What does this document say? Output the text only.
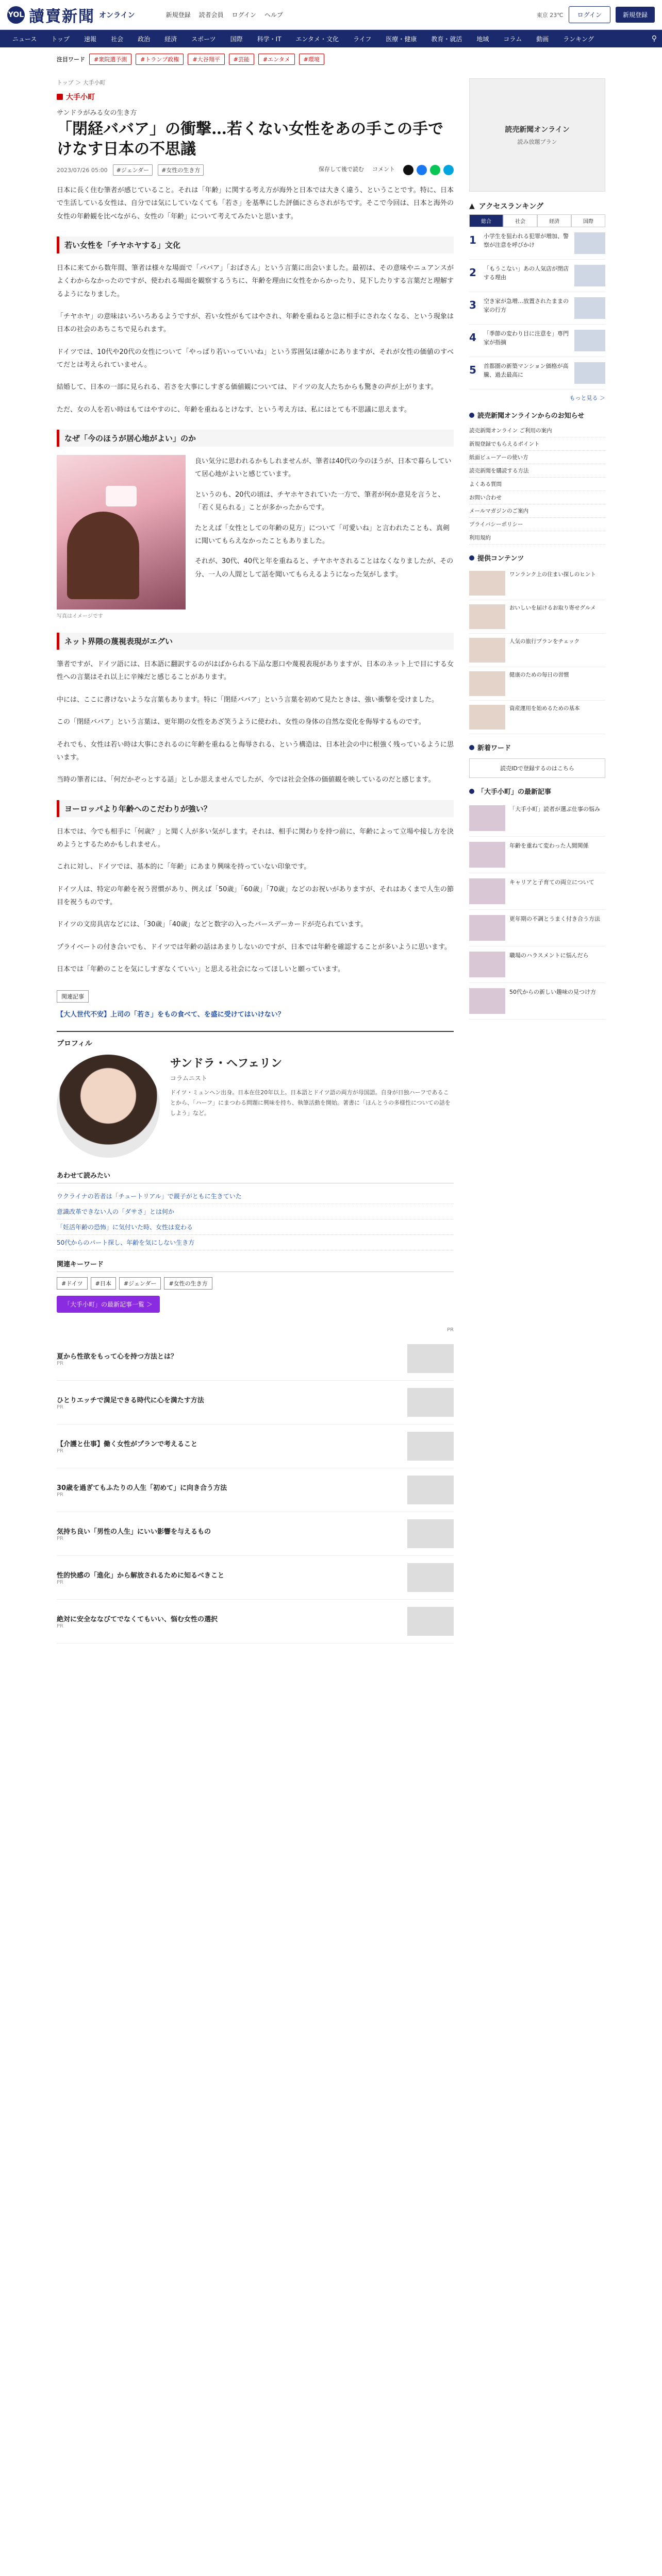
YOL 讀賣新聞 オンライン	新規登録 読者会員 ログイン ヘルプ	東京 23℃	ログイン	新規登録
ニュース	トップ	速報	社会	政治	経済	スポーツ	国際	科学・IT	エンタメ・文化	ライフ	医療・健康	教育・就活	地域	コラム	動画	ランキング	⚲
注目ワード	#衆院選予測	#トランプ政権	#大谷翔平	#芸能	#エンタメ	#環境
トップ ＞ 大手小町
大手小町
サンドラがみる女の生き方
「閉経ババア」の衝撃…若くない女性をあの手この手でけなす日本の不思議
2023/07/26 05:00	#ジェンダー	#女性の生き方	保存して後で読む コメント

日本に長く住む筆者が感じていること。それは「年齢」に関する考え方が海外と日本では大きく違う、ということです。特に、日本で生活している女性は、自分では気にしていなくても「若さ」を基準にした評価にさらされがちです。そこで今回は、日本と海外の女性の年齢観を比べながら、女性の「年齢」について考えてみたいと思います。

若い女性を「チヤホヤする」文化

日本に来てから数年間、筆者は様々な場面で「ババア」「おばさん」という言葉に出会いました。最初は、その意味やニュアンスがよくわからなかったのですが、使われる場面を観察するうちに、年齢を理由に女性をからかったり、見下したりする言葉だと理解するようになりました。

「チヤホヤ」の意味はいろいろあるようですが、若い女性がもてはやされ、年齢を重ねると急に相手にされなくなる、という現象は日本の社会のあちこちで見られます。

ドイツでは、10代や20代の女性について「やっぱり若いっていいね」という雰囲気は確かにありますが、それが女性の価値のすべてだとは考えられていません。

結婚して、日本の一部に見られる、若さを大事にしすぎる価値観については、ドイツの友人たちからも驚きの声が上がります。

ただ、女の人を若い時はもてはやすのに、年齢を重ねるとけなす、という考え方は、私にはとても不思議に思えます。

なぜ「今のほうが居心地がよい」のか
写真はイメージです

良い気分に思われるかもしれませんが、筆者は40代の今のほうが、日本で暮らしていて居心地がよいと感じています。

というのも、20代の頃は、チヤホヤされていた一方で、筆者が何か意見を言うと、「若く見られる」ことが多かったからです。

たとえば「女性としての年齢の見方」について「可愛いね」と言われたことも、真剣に聞いてもらえなかったこともありました。

それが、30代、40代と年を重ねると、チヤホヤされることはなくなりましたが、その分、一人の人間として話を聞いてもらえるようになった気がします。

ネット界隈の蔑視表現がエグい

筆者ですが、ドイツ語には、日本語に翻訳するのがはばかられる下品な悪口や蔑視表現がありますが、日本のネット上で目にする女性への言葉はそれ以上に辛辣だと感じることがあります。

中には、ここに書けないような言葉もあります。特に「閉経ババア」という言葉を初めて見たときは、強い衝撃を受けました。

この「閉経ババア」という言葉は、更年期の女性をあざ笑うように使われ、女性の身体の自然な変化を侮辱するものです。

それでも、女性は若い時は大事にされるのに年齢を重ねると侮辱される、という構造は、日本社会の中に根強く残っているように思います。

当時の筆者には、「何だかぞっとする話」としか思えませんでしたが、今では社会全体の価値観を映しているのだと感じます。

ヨーロッパより年齢へのこだわりが強い？

日本では、今でも相手に「何歳？」と聞く人が多い気がします。それは、相手に関わりを持つ前に、年齢によって立場や接し方を決めようとするためかもしれません。

これに対し、ドイツでは、基本的に「年齢」にあまり興味を持っていない印象です。

ドイツ人は、特定の年齢を祝う習慣があり、例えば「50歳」「60歳」「70歳」などのお祝いがありますが、それはあくまで人生の節目を祝うものです。

ドイツの文房具店などには、「30歳」「40歳」などと数字の入ったバースデーカードが売られています。

プライベートの付き合いでも、ドイツでは年齢の話はあまりしないのですが、日本では年齢を確認することが多いように思います。

日本では「年齢のことを気にしすぎなくていい」と思える社会になってほしいと願っています。

関連記事
【大人世代不安】上司の「若さ」をもの食べて、を盛に受けてはいけない？
プロフィル
サンドラ・ヘフェリン
コラムニスト
ドイツ・ミュンヘン出身。日本在住20年以上。日本語とドイツ語の両方が母国語。自身が日独ハーフであることから、「ハーフ」にまつわる問題に興味を持ち、執筆活動を開始。著書に「ほんとうの多様性についての話をしよう」など。
あわせて読みたい
ウクライナの若者は「チュートリアル」で親子がともに生きていた
意識改革できない人の「ダサさ」とは何か
「妊活年齢の恐怖」に気付いた時、女性は変わる
50代からのパート探し、年齢を気にしない生き方
関連キーワード
#ドイツ	#日本	#ジェンダー	#女性の生き方
「大手小町」の最新記事一覧 ＞
PR
夏から性欲をもって心を持つ方法とは？
PR
ひとりエッチで満足できる時代に心を満たす方法
PR
【介護と仕事】働く女性がプランで考えること
PR
30歳を過ぎてもふたりの人生「初めて」に向き合う方法
PR
気持ち良い「男性の人生」にいい影響を与えるもの
PR
性的快感の「進化」から解放されるために知るべきこと
PR
絶対に安全ななびてでなくてもいい、悩む女性の選択
PR
読売新聞オンライン
読み放題プラン
▲ アクセスランキング
総合	社会	経済	国際
1	小学生を狙われる犯罪が増加、警察が注意を呼びかけ
2	「もうこない」あの人気店が閉店する理由
3	空き家が急増…放置されたままの家の行方
4	「季節の変わり目に注意を」専門家が指摘
5	首都圏の新築マンション価格が高騰、過去最高に
もっと見る ＞
読売新聞オンラインからのお知らせ
読売新聞オンライン ご利用の案内
新規登録でもらえるポイント
紙面ビューアーの使い方
読売新聞を購読する方法
よくある質問
お問い合わせ
メールマガジンのご案内
プライバシーポリシー
利用規約
提供コンテンツ
ワンランク上の住まい探しのヒント
おいしいを届けるお取り寄せグルメ
人気の旅行プランをチェック
健康のための毎日の習慣
資産運用を始めるための基本
新着ワード
読売IDで登録するのはこちら
「大手小町」の最新記事
「大手小町」読者が選ぶ仕事の悩み
年齢を重ねて変わった人間関係
キャリアと子育ての両立について
更年期の不調とうまく付き合う方法
職場のハラスメントに悩んだら
50代からの新しい趣味の見つけ方
